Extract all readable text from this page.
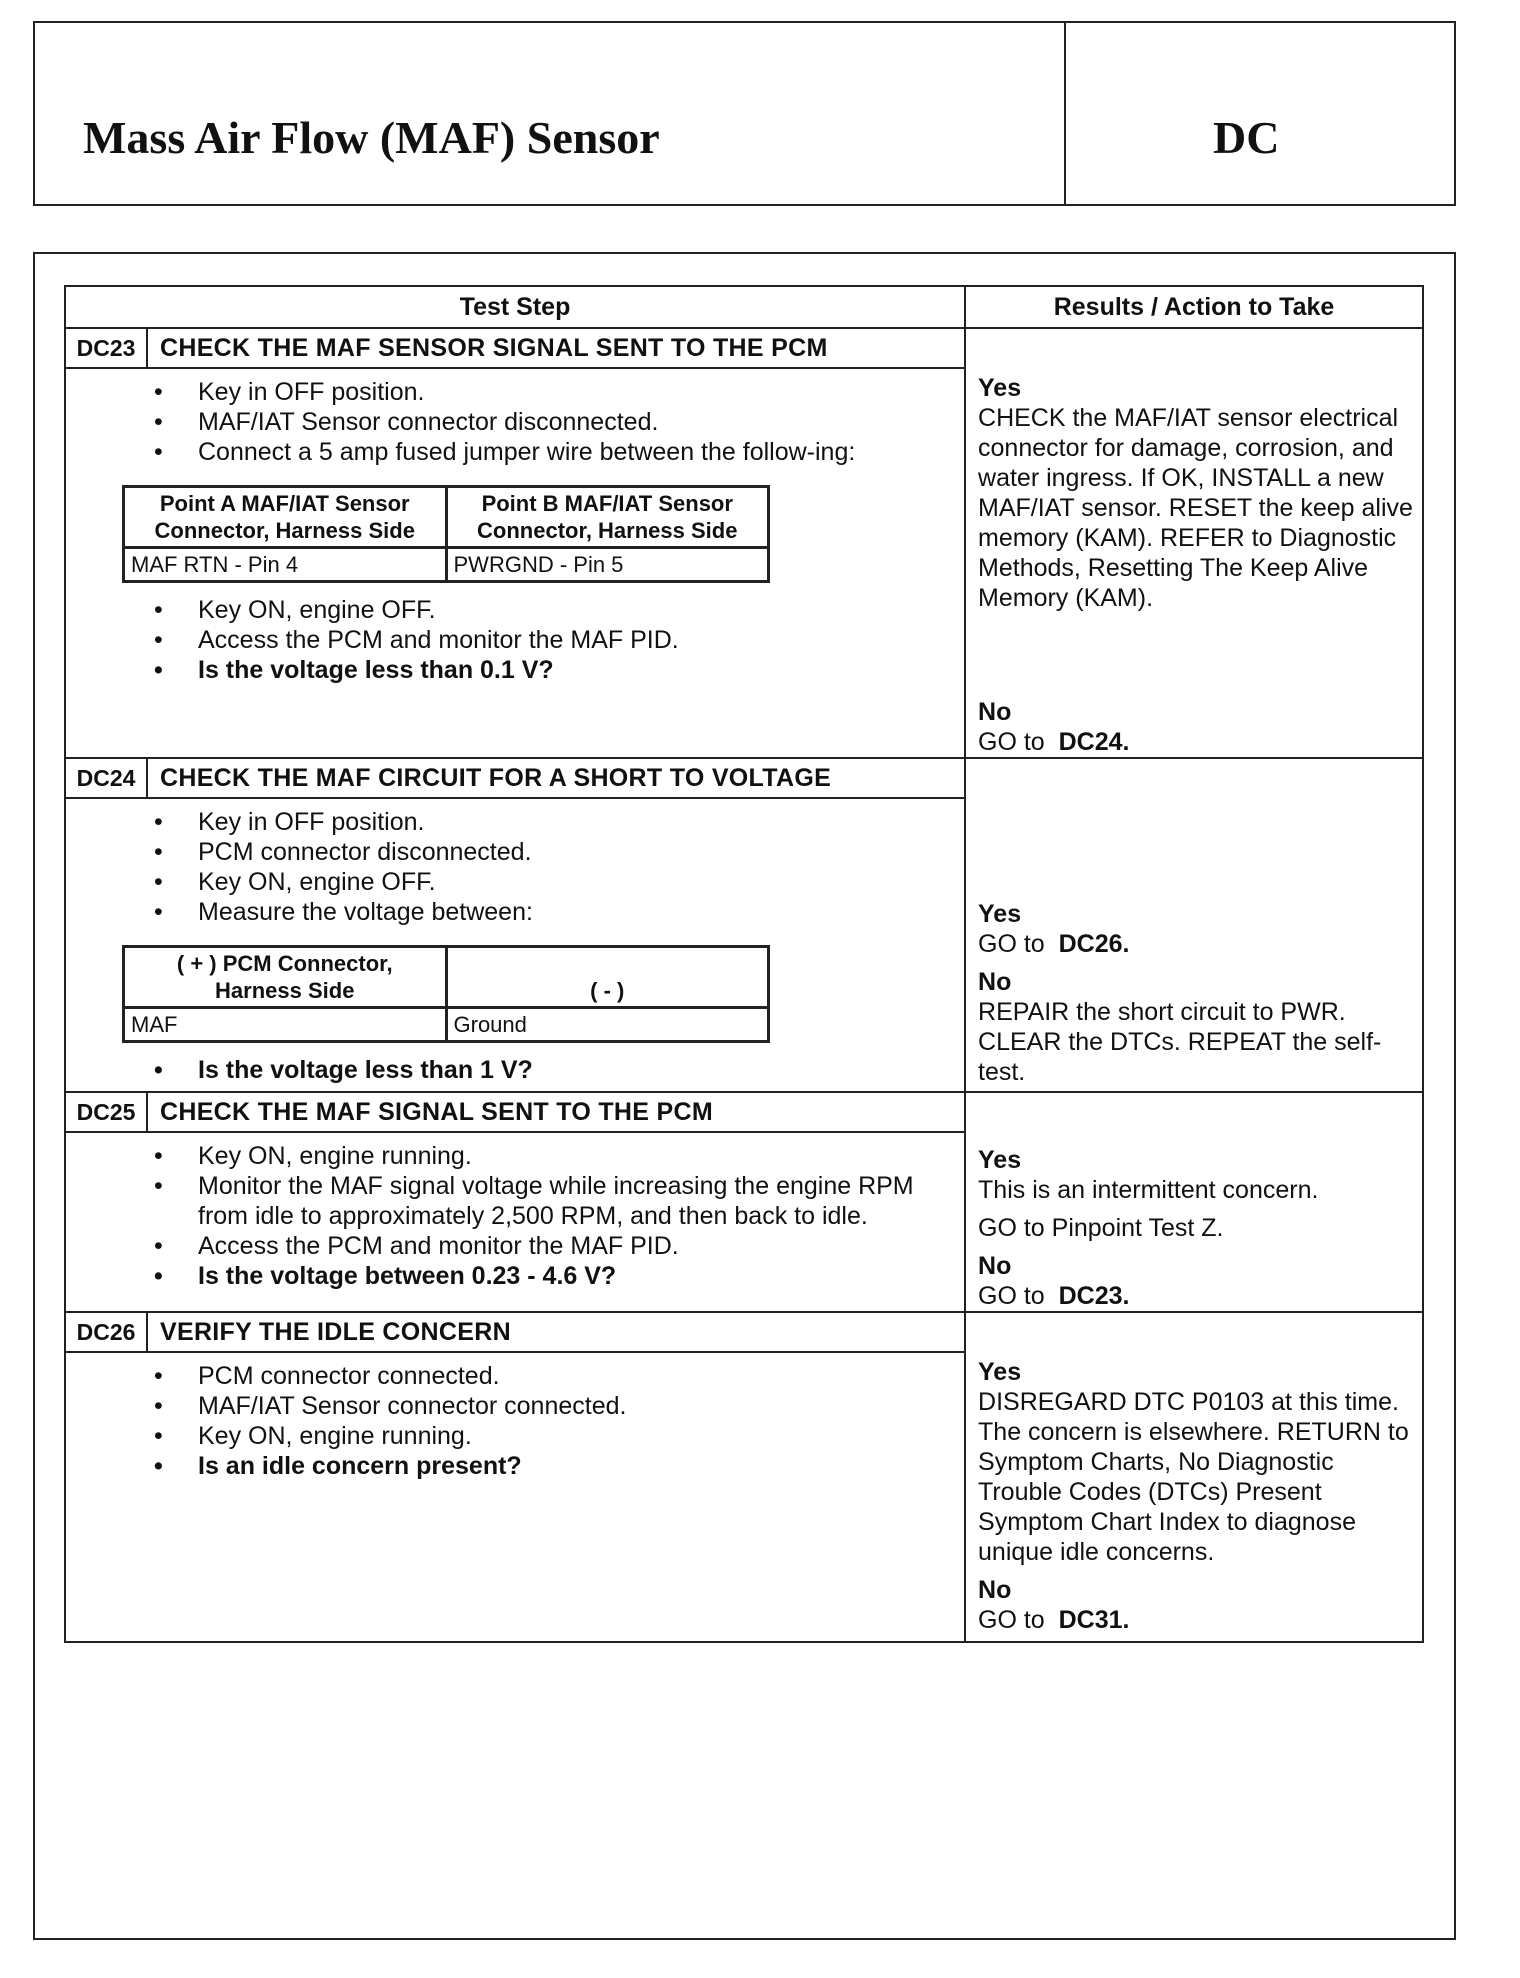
Mass Air Flow (MAF) Sensor	DC
Test Step	Results / Action to Take
DC23	CHECK THE MAF SENSOR SIGNAL SENT TO THE PCM	
Yes
CHECK the MAF/IAT sensor electrical connector for damage, corrosion, and water ingress. If OK, INSTALL a new MAF/IAT sensor. RESET the keep alive memory (KAM). REFER to Diagnostic Methods, Resetting The Keep Alive Memory (KAM).
No
GO to DC24.

• Key in OFF position.
• MAF/IAT Sensor connector disconnected.
• Connect a 5 amp fused jumper wire between the follow-ing:
Point A MAF/IAT Sensor Connector, Harness Side	Point B MAF/IAT Sensor Connector, Harness Side
MAF RTN - Pin 4	PWRGND - Pin 5
• Key ON, engine OFF.
• Access the PCM and monitor the MAF PID.
• Is the voltage less than 0.1 V?

DC24	CHECK THE MAF CIRCUIT FOR A SHORT TO VOLTAGE	
Yes
GO to DC26.
No
REPAIR the short circuit to PWR. CLEAR the DTCs. REPEAT the self-test.

• Key in OFF position.
• PCM connector disconnected.
• Key ON, engine OFF.
• Measure the voltage between:
( + ) PCM Connector, Harness Side	( - )
MAF	Ground
• Is the voltage less than 1 V?

DC25	CHECK THE MAF SIGNAL SENT TO THE PCM	
Yes
This is an intermittent concern.
GO to Pinpoint Test Z.
No
GO to DC23.

• Key ON, engine running.
• Monitor the MAF signal voltage while increasing the engine RPM from idle to approximately 2,500 RPM, and then back to idle.
• Access the PCM and monitor the MAF PID.
• Is the voltage between 0.23 - 4.6 V?

DC26	VERIFY THE IDLE CONCERN	
Yes
DISREGARD DTC P0103 at this time. The concern is elsewhere. RETURN to Symptom Charts, No Diagnostic Trouble Codes (DTCs) Present Symptom Chart Index to diagnose unique idle concerns.
No
GO to DC31.

• PCM connector connected.
• MAF/IAT Sensor connector connected.
• Key ON, engine running.
• Is an idle concern present?
